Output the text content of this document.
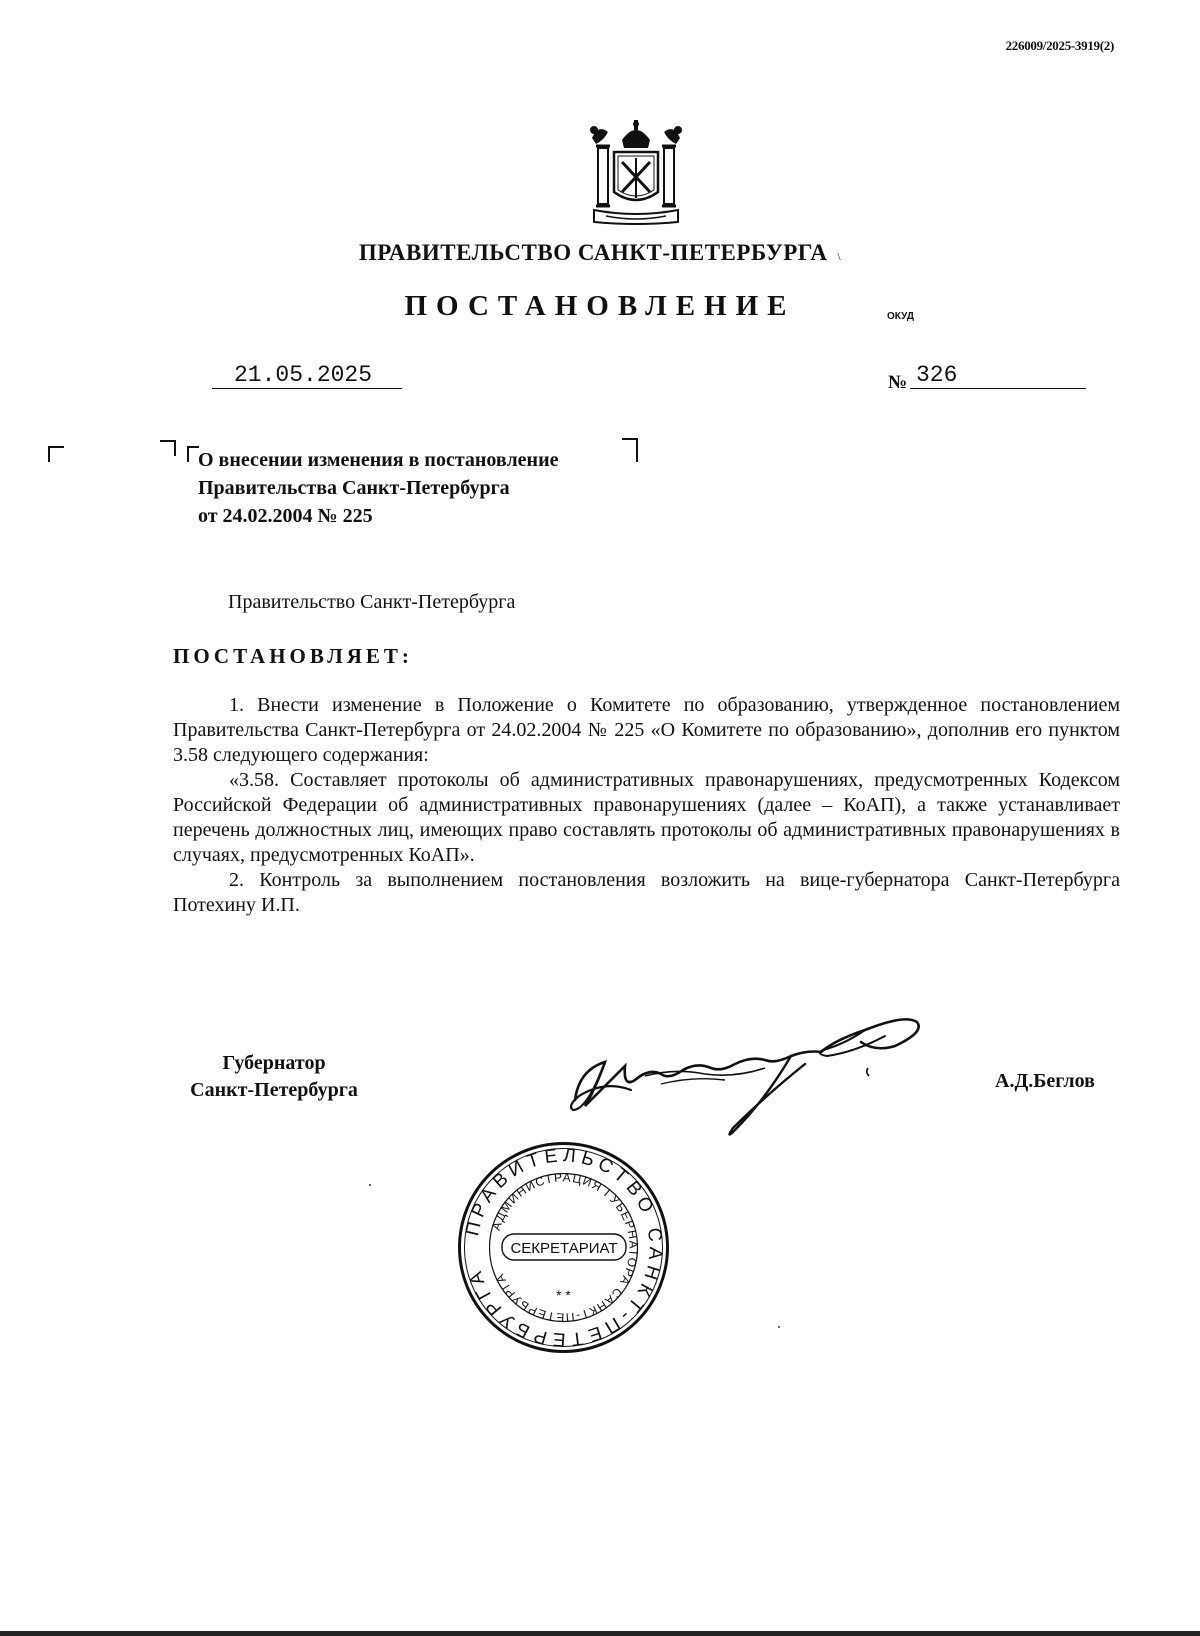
226009/2025-3919(2)
ПРАВИТЕЛЬСТВО САНКТ-ПЕТЕРБУРГА \
ПОСТАНОВЛЕНИЕ	ОКУД
21.05.2025	№ 326
О внесении изменения в постановление
Правительства Санкт-Петербурга
от 24.02.2004 № 225
Правительство Санкт-Петербурга
ПОСТАНОВЛЯЕТ:

1. Внести изменение в Положение о Комитете по образованию, утвержденное постановлением Правительства Санкт-Петербурга от 24.02.2004 № 225 «О Комитете по образованию», дополнив его пунктом 3.58 следующего содержания:

«3.58. Составляет протоколы об административных правонарушениях, предусмотренных Кодексом Российской Федерации об административных правонарушениях (далее – КоАП), а также устанавливает перечень должностных лиц, имеющих право составлять протоколы об административных правонарушениях в случаях, предусмотренных КоАП».

2. Контроль за выполнением постановления возложить на вице-губернатора Санкт-Петербурга Потехину И.П.

Губернатор
Санкт-Петербурга	А.Д.Беглов
ПРАВИТЕЛЬСТВО САНКТ-ПЕТЕРБУРГА
АДМИНИСТРАЦИЯ ГУБЕРНАТОРА САНКТ-ПЕТЕРБУРГА
* *
СЕКРЕТАРИАТ
